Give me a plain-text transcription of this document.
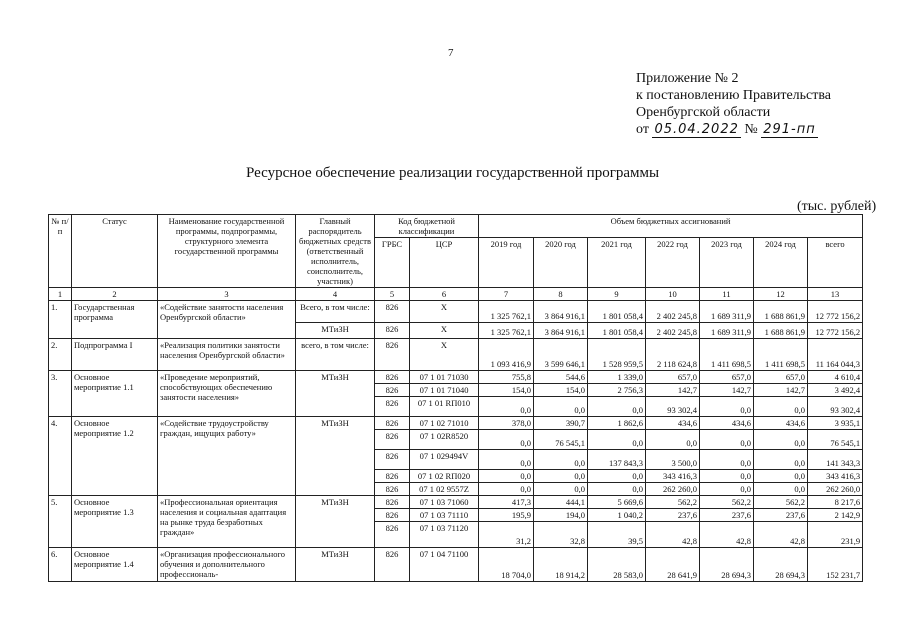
7
Приложение № 2
к постановлению Правительства
Оренбургской области
от 05.04.2022 № 291-пп
Ресурсное обеспечение реализации государственной программы
(тыс. рублей)
№ п/п	Статус	Наименование государственной программы, подпрограммы, структурного элемента государственной программы	Главный распорядитель бюджетных средств (ответственный исполнитель, соисполнитель, участник)	Код бюджетной классификации		Объем бюджетных ассигнований						
				ГРБС	ЦСР	2019 год	2020 год	2021 год	2022 год	2023 год	2024 год	всего

1	2	3	4	5	6	7	8	9	10	11	12	13
1.	Государственная программа	«Содействие занятости населения Оренбургской области»	Всего, в том числе:	826	Х	1 325 762,1	3 864 916,1	1 801 058,4	2 402 245,8	1 689 311,9	1 688 861,9	12 772 156,2
			МТиЗН	826	Х	1 325 762,1	3 864 916,1	1 801 058,4	2 402 245,8	1 689 311,9	1 688 861,9	12 772 156,2
2.	Подпрограмма I	«Реализация политики занятости населения Оренбургской области»	всего, в том числе:	826	Х	1 093 416,9	3 599 646,1	1 528 959,5	2 118 624,8	1 411 698,5	1 411 698,5	11 164 044,3
3.	Основное мероприятие 1.1	«Проведение мероприятий, способствующих обеспечению занятости населения»	МТиЗН	826	07 1 01 71030	755,8	544,6	1 339,0	657,0	657,0	657,0	4 610,4
				826	07 1 01 71040	154,0	154,0	2 756,3	142,7	142,7	142,7	3 492,4
				826	07 1 01 RП010	0,0	0,0	0,0	93 302,4	0,0	0,0	93 302,4
4.	Основное мероприятие 1.2	«Содействие трудоустройству граждан, ищущих работу»	МТиЗН	826	07 1 02 71010	378,0	390,7	1 862,6	434,6	434,6	434,6	3 935,1
				826	07 1 02R8520	0,0	76 545,1	0,0	0,0	0,0	0,0	76 545,1
				826	07 1 029494V	0,0	0,0	137 843,3	3 500,0	0,0	0,0	141 343,3
				826	07 1 02 RП020	0,0	0,0	0,0	343 416,3	0,0	0,0	343 416,3
				826	07 1 02 9557Z	0,0	0,0	0,0	262 260,0	0,0	0,0	262 260,0
5.	Основное мероприятие 1.3	«Профессиональная ориентация населения и социальная адаптация на рынке труда безработных граждан»	МТиЗН	826	07 1 03 71060	417,3	444,1	5 669,6	562,2	562,2	562,2	8 217,6
				826	07 1 03 71110	195,9	194,0	1 040,2	237,6	237,6	237,6	2 142,9
				826	07 1 03 71120	31,2	32,8	39,5	42,8	42,8	42,8	231,9
6.	Основное мероприятие 1.4	«Организация профессионального обучения и дополнительного профессиональ-	МТиЗН	826	07 1 04 71100	18 704,0	18 914,2	28 583,0	28 641,9	28 694,3	28 694,3	152 231,7
